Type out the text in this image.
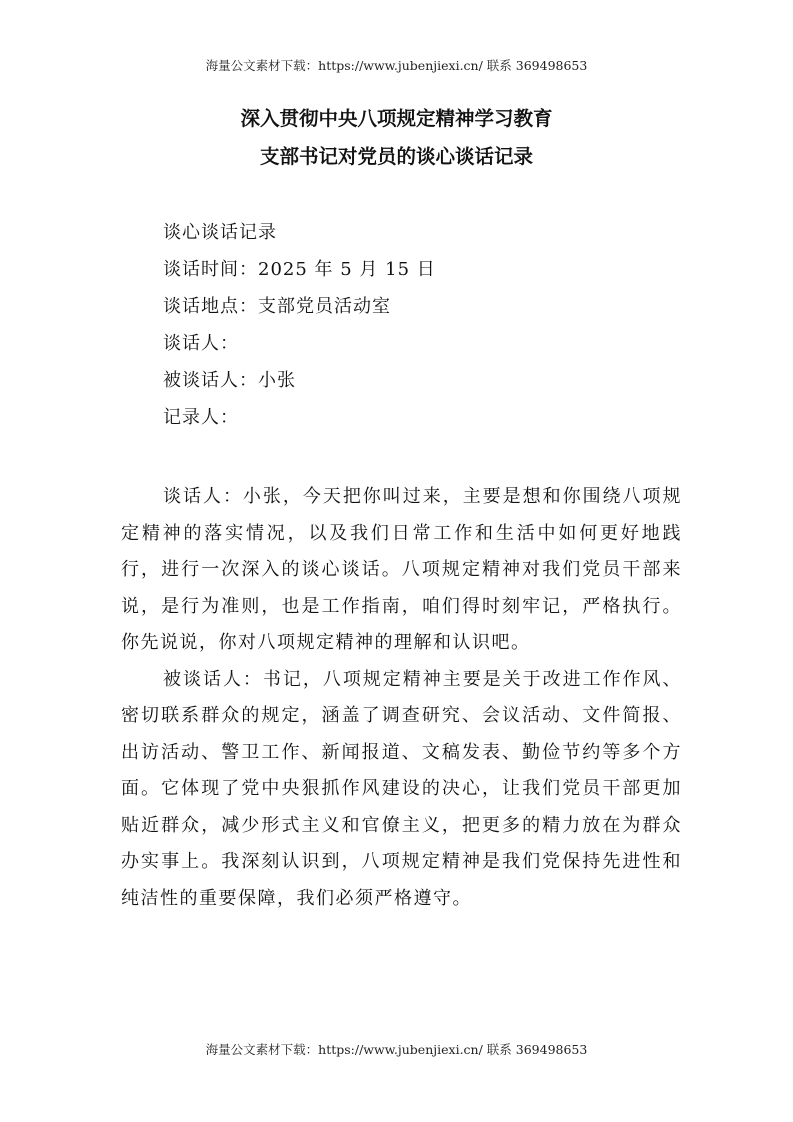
海量公文素材下载：https://www.jubenjiexi.cn/ 联系 369498653
深入贯彻中央八项规定精神学习教育
支部书记对党员的谈心谈话记录
谈心谈话记录
谈话时间：2025 年 5 月 15 日
谈话地点：支部党员活动室
谈话人：
被谈话人：小张
记录人：

谈话人：小张，今天把你叫过来，主要是想和你围绕八项规定精神的落实情况，以及我们日常工作和生活中如何更好地践行，进行一次深入的谈心谈话。八项规定精神对我们党员干部来说，是行为准则，也是工作指南，咱们得时刻牢记，严格执行。你先说说，你对八项规定精神的理解和认识吧。

被谈话人：书记，八项规定精神主要是关于改进工作作风、密切联系群众的规定，涵盖了调查研究、会议活动、文件简报、出访活动、警卫工作、新闻报道、文稿发表、勤俭节约等多个方面。它体现了党中央狠抓作风建设的决心，让我们党员干部更加贴近群众，减少形式主义和官僚主义，把更多的精力放在为群众办实事上。我深刻认识到，八项规定精神是我们党保持先进性和纯洁性的重要保障，我们必须严格遵守。

海量公文素材下载：https://www.jubenjiexi.cn/ 联系 369498653
